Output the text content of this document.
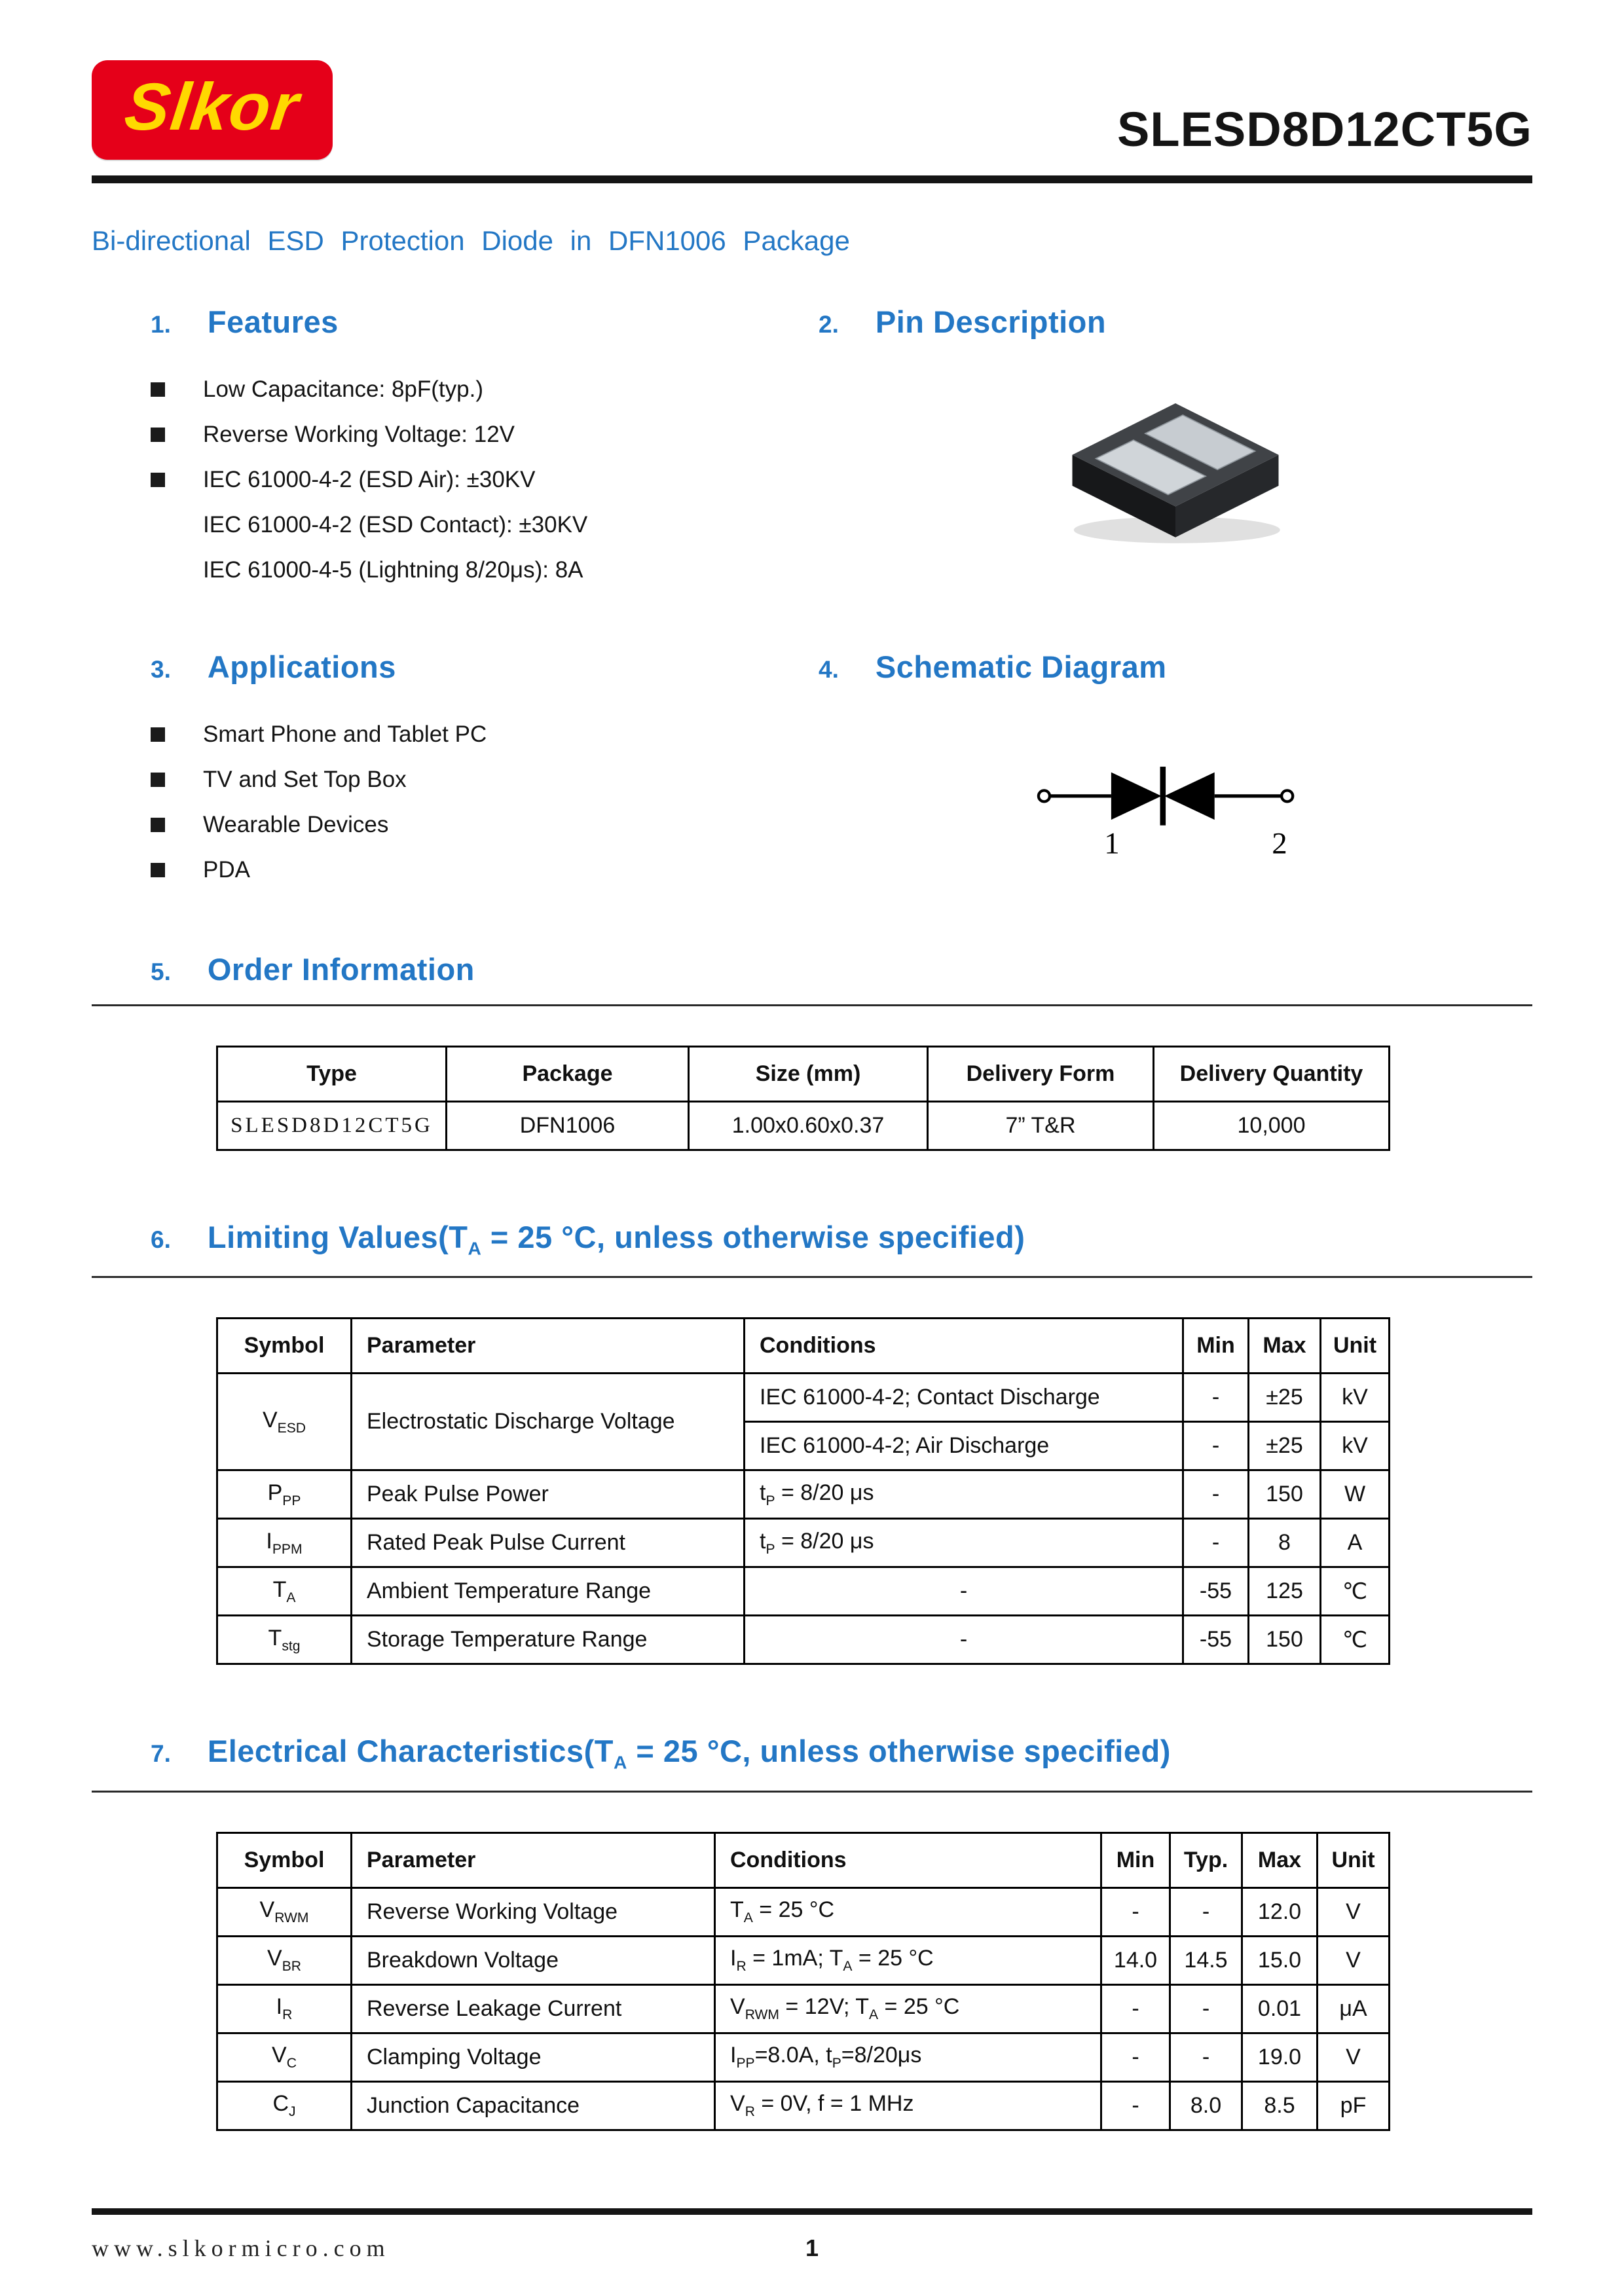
Slkor	SLESD8D12CT5G

Bi-directional ESD Protection Diode in DFN1006 Package

1. Features
Low Capacitance: 8pF(typ.)
Reverse Working Voltage: 12V
IEC 61000-4-2 (ESD Air): ±30KV
IEC 61000-4-2 (ESD Contact): ±30KV
IEC 61000-4-5 (Lightning 8/20μs): 8A
2. Pin Description
3. Applications
Smart Phone and Tablet PC
TV and Set Top Box
Wearable Devices
PDA
4. Schematic Diagram
1	2
5. Order Information
Type	Package	Size (mm)	Delivery Form	Delivery Quantity
SLESD8D12CT5G	DFN1006	1.00x0.60x0.37	7” T&R	10,000
6. Limiting $Values(T_A = 25$ °C, unless otherwise specified)
Symbol	Parameter	Conditions	Min	Max	Unit
$V_{ESD}$	Electrostatic Discharge Voltage	IEC 61000-4-2; Contact Discharge	-	±25	kV
		IEC 61000-4-2; Air Discharge	-	±25	kV
$P_{PP}$	Peak Pulse Power	$t_P = 8/20$ μs	-	150	W
$I_{PPM}$	Rated Peak Pulse Current	$t_P = 8/20$ μs	-	8	A
$T_A$	Ambient Temperature Range	-	-55	125	℃
$T_{stg}$	Storage Temperature Range	-	-55	150	℃
7. Electrical $Characteristics(T_A = 25$ °C, unless otherwise specified)
Symbol	Parameter	Conditions	Min	Typ.	Max	Unit
$V_{RWM}$	Reverse Working Voltage	$T_A = 25$ °C	-	-	12.0	V
$V_{BR}$	Breakdown Voltage	$I_R = 1mA$; $T_A = 25$ °C	14.0	14.5	15.0	V
$I_R$	Reverse Leakage Current	$V_{RWM} = 12V$; $T_A = 25$ °C	-	-	0.01	μA
$V_C$	Clamping Voltage	$I_{PP}=8.0A$, $t_P=8/20\mu s$	-	-	19.0	V
$C_J$	Junction Capacitance	$V_R = 0V$, f = 1 MHz	-	8.0	8.5	pF
www.slkormicro.com	1
